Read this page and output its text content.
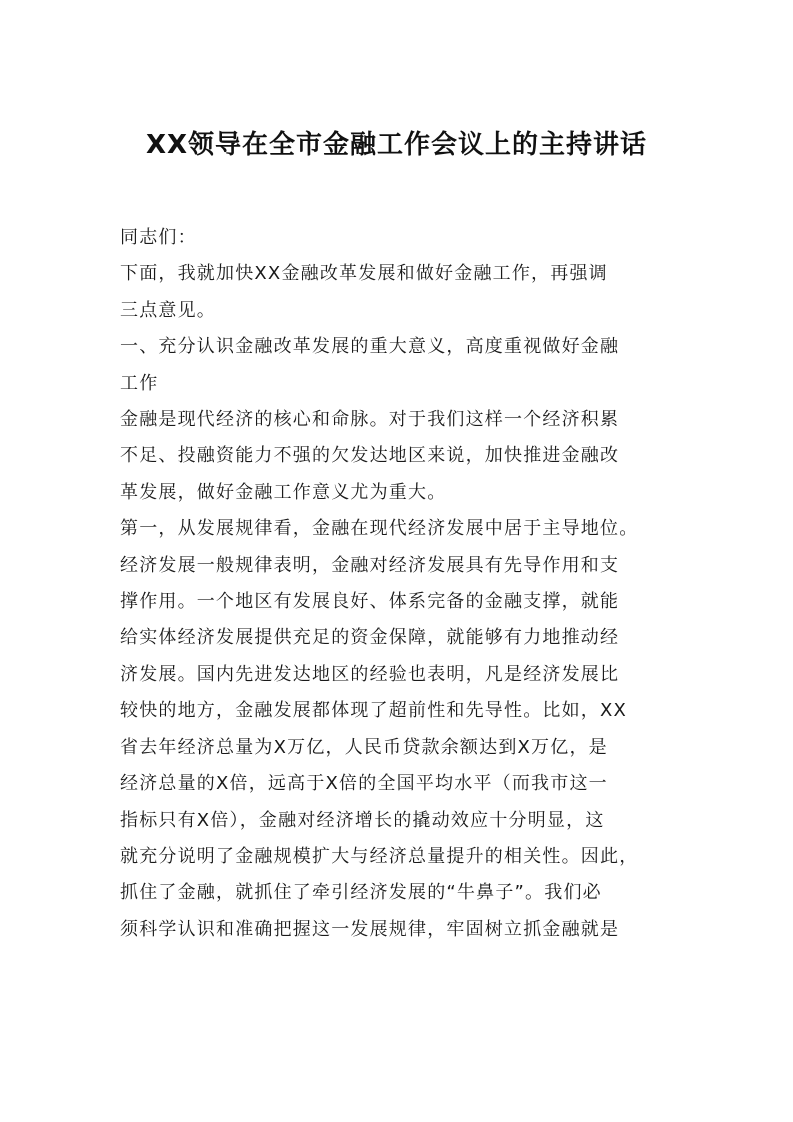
XX领导在全市金融工作会议上的主持讲话

同志们：

下面，我就加快XX金融改革发展和做好金融工作，再强调
三点意见。

一、充分认识金融改革发展的重大意义，高度重视做好金融
工作

金融是现代经济的核心和命脉。对于我们这样一个经济积累
不足、投融资能力不强的欠发达地区来说，加快推进金融改
革发展，做好金融工作意义尤为重大。

第一，从发展规律看，金融在现代经济发展中居于主导地位。
经济发展一般规律表明，金融对经济发展具有先导作用和支
撑作用。一个地区有发展良好、体系完备的金融支撑，就能
给实体经济发展提供充足的资金保障，就能够有力地推动经
济发展。国内先进发达地区的经验也表明，凡是经济发展比
较快的地方，金融发展都体现了超前性和先导性。比如，XX
省去年经济总量为X万亿，人民币贷款余额达到X万亿，是
经济总量的X倍，远高于X倍的全国平均水平（而我市这一
指标只有X倍），金融对经济增长的撬动效应十分明显，这
就充分说明了金融规模扩大与经济总量提升的相关性。因此，
抓住了金融，就抓住了牵引经济发展的“牛鼻子”。我们必
须科学认识和准确把握这一发展规律，牢固树立抓金融就是
